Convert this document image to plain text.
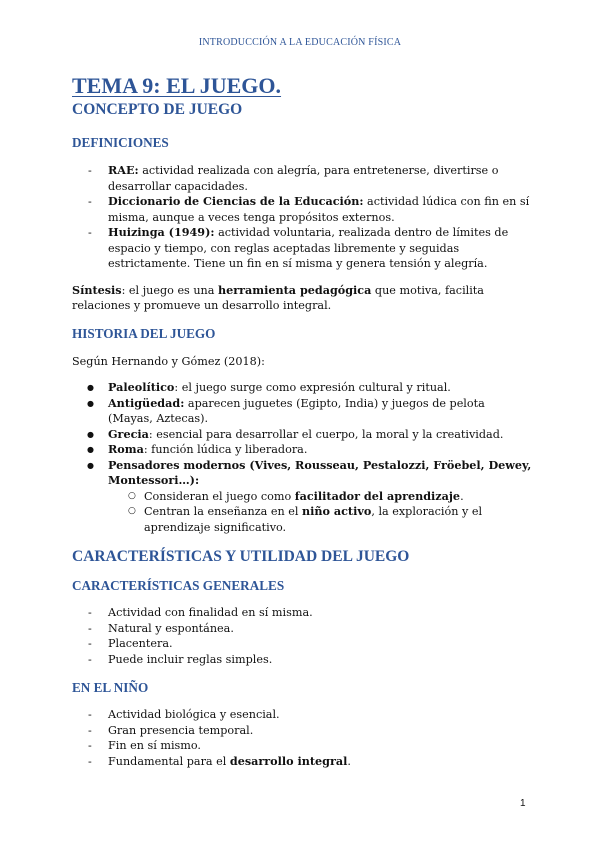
INTRODUCCIÓN A LA EDUCACIÓN FÍSICA
TEMA 9: EL JUEGO.
CONCEPTO DE JUEGO
DEFINICIONES
- RAE: actividad realizada con alegría, para entretenerse, divertirse o desarrollar capacidades.
- Diccionario de Ciencias de la Educación: actividad lúdica con fin en sí misma, aunque a veces tenga propósitos externos.
- Huizinga (1949): actividad voluntaria, realizada dentro de límites de espacio y tiempo, con reglas aceptadas libremente y seguidas estrictamente. Tiene un fin en sí misma y genera tensión y alegría.

Síntesis: el juego es una herramienta pedagógica que motiva, facilita relaciones y promueve un desarrollo integral.

HISTORIA DEL JUEGO

Según Hernando y Gómez (2018):

● Paleolítico: el juego surge como expresión cultural y ritual.
● Antigüedad: aparecen juguetes (Egipto, India) y juegos de pelota (Mayas, Aztecas).
● Grecia: esencial para desarrollar el cuerpo, la moral y la creatividad.
● Roma: función lúdica y liberadora.
● Pensadores modernos (Vives, Rousseau, Pestalozzi, Fröebel, Dewey, Montessori…):
○ Consideran el juego como facilitador del aprendizaje.
○ Centran la enseñanza en el niño activo, la exploración y el aprendizaje significativo.
CARACTERÍSTICAS Y UTILIDAD DEL JUEGO
CARACTERÍSTICAS GENERALES
- Actividad con finalidad en sí misma.
- Natural y espontánea.
- Placentera.
- Puede incluir reglas simples.
EN EL NIÑO
- Actividad biológica y esencial.
- Gran presencia temporal.
- Fin en sí mismo.
- Fundamental para el desarrollo integral.
1
